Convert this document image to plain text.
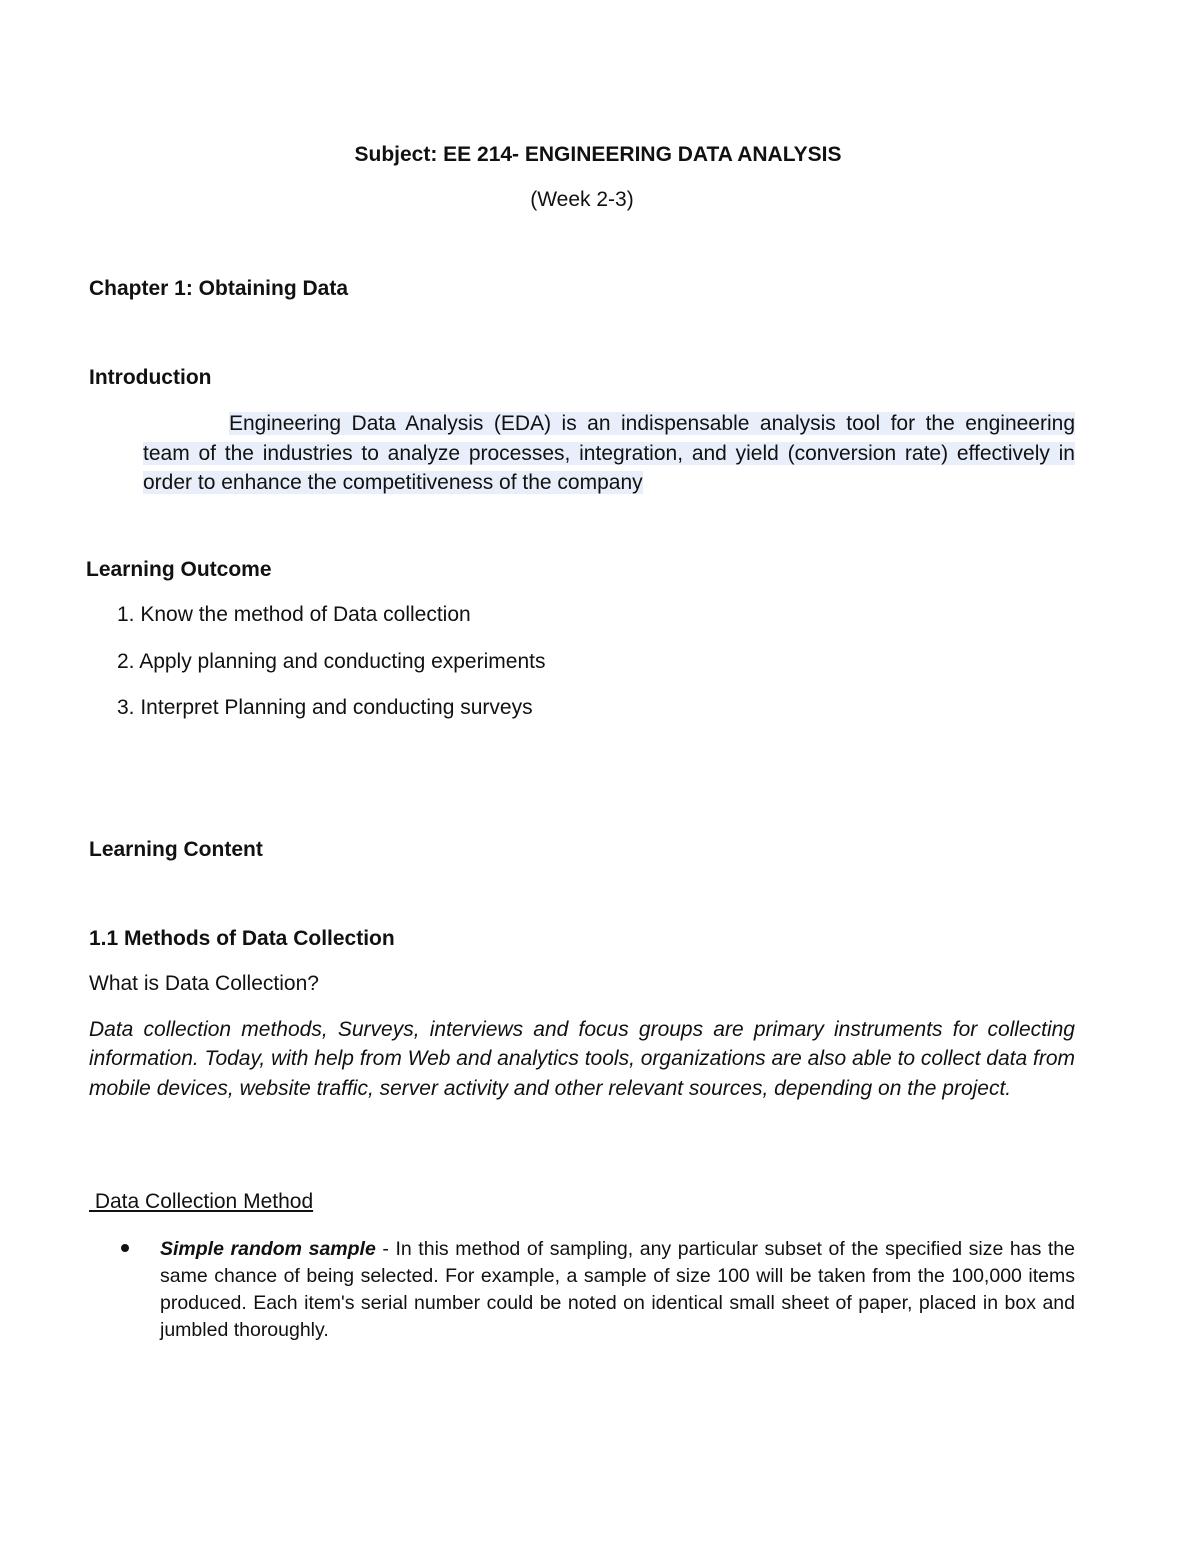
Subject: EE 214- ENGINEERING DATA ANALYSIS
(Week 2-3)
Chapter 1: Obtaining Data
Introduction

Engineering Data Analysis (EDA) is an indispensable analysis tool for the engineering team of the industries to analyze processes, integration, and yield (conversion rate) effectively in order to enhance the competitiveness of the company

Learning Outcome
1. Know the method of Data collection
2. Apply planning and conducting experiments
3. Interpret Planning and conducting surveys
Learning Content
1.1 Methods of Data Collection
What is Data Collection?

Data collection methods, Surveys, interviews and focus groups are primary instruments for collecting information. Today, with help from Web and analytics tools, organizations are also able to collect data from mobile devices, website traffic, server activity and other relevant sources, depending on the project.

Data Collection Method

Simple random sample - In this method of sampling, any particular subset of the specified size has the same chance of being selected. For example, a sample of size 100 will be taken from the 100,000 items produced. Each item's serial number could be noted on identical small sheet of paper, placed in box and jumbled thoroughly.
